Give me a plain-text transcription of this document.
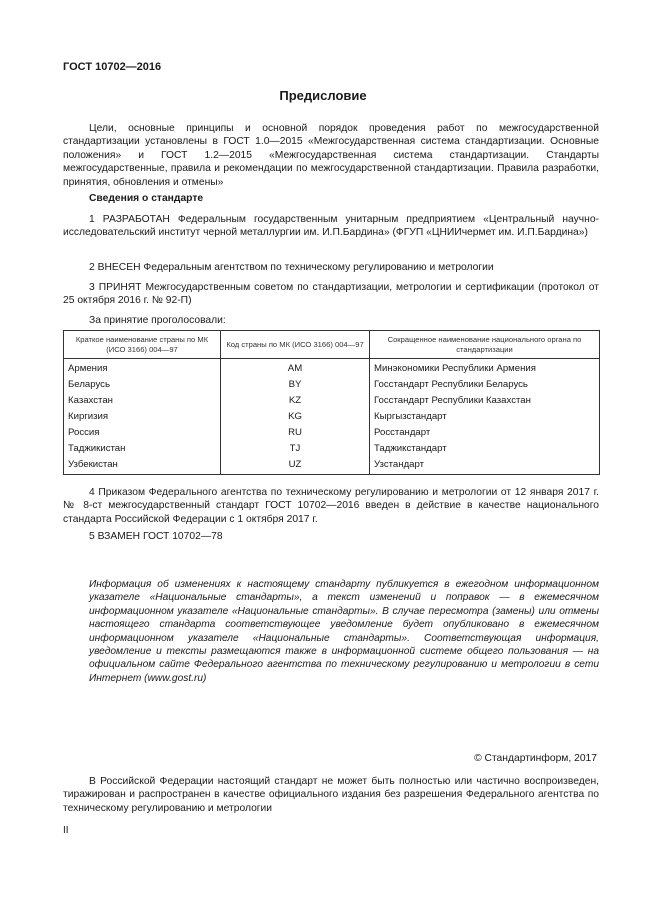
ГОСТ 10702—2016
Предисловие
Цели, основные принципы и основной порядок проведения работ по межгосударственной стандартизации установлены в ГОСТ 1.0—2015 «Межгосударственная система стандартизации. Основные положения» и ГОСТ 1.2—2015 «Межгосударственная система стандартизации. Стандарты межгосударственные, правила и рекомендации по межгосударственной стандартизации. Правила разработки, принятия, обновления и отмены»
Сведения о стандарте
1 РАЗРАБОТАН Федеральным государственным унитарным предприятием «Центральный научно-исследовательский институт черной металлургии им. И.П.Бардина» (ФГУП «ЦНИИчермет им. И.П.Бардина»)
2 ВНЕСЕН Федеральным агентством по техническому регулированию и метрологии
3 ПРИНЯТ Межгосударственным советом по стандартизации, метрологии и сертификации (протокол от 25 октября 2016 г. № 92-П)
За принятие проголосовали:
Краткое наименование страны по МК (ИСО 3166) 004—97	Код страны по МК (ИСО 3166) 004—97	Сокращенное наименование национального органа по стандартизации
Армения	AM	Минэкономики Республики Армения
Беларусь	BY	Госстандарт Республики Беларусь
Казахстан	KZ	Госстандарт Республики Казахстан
Киргизия	KG	Кыргызстандарт
Россия	RU	Росстандарт
Таджикистан	TJ	Таджикстандарт
Узбекистан	UZ	Узстандарт
4 Приказом Федерального агентства по техническому регулированию и метрологии от 12 января 2017 г. № 8-ст межгосударственный стандарт ГОСТ 10702—2016 введен в действие в качестве национального стандарта Российской Федерации с 1 октября 2017 г.
5 ВЗАМЕН ГОСТ 10702—78
Информация об изменениях к настоящему стандарту публикуется в ежегодном информационном указателе «Национальные стандарты», а текст изменений и поправок — в ежемесячном информационном указателе «Национальные стандарты». В случае пересмотра (замены) или отмены настоящего стандарта соответствующее уведомление будет опубликовано в ежемесячном информационном указателе «Национальные стандарты». Соответствующая информация, уведомление и тексты размещаются также в информационной системе общего пользования — на официальном сайте Федерального агентства по техническому регулированию и метрологии в сети Интернет (www.gost.ru)
© Стандартинформ, 2017
В Российской Федерации настоящий стандарт не может быть полностью или частично воспроизведен, тиражирован и распространен в качестве официального издания без разрешения Федерального агентства по техническому регулированию и метрологии
II
